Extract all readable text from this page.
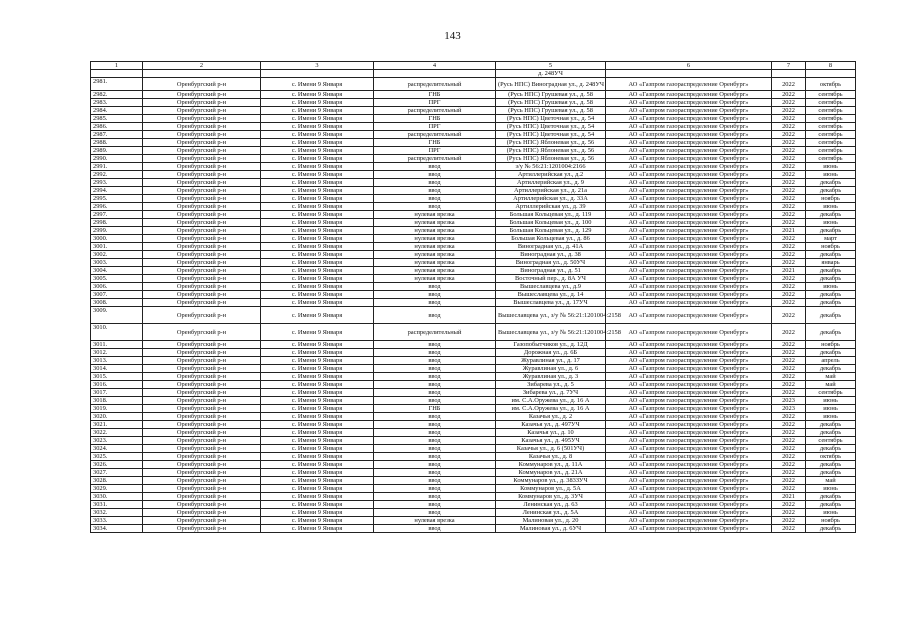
143
1	2	3	4	5	6	7	8
				д. 248УЧ			
2981.	Оренбургский р-н	с. Имени 9 Января	распределительный	(Русь НПС) Виноградная ул., д. 248УЧ	АО «Газпром газораспределение Оренбург»	2022	октябрь
2982.	Оренбургский р-н	с. Имени 9 Января	ГНБ	(Русь НПС) Грушевая ул., д. 58	АО «Газпром газораспределение Оренбург»	2022	сентябрь
2983.	Оренбургский р-н	с. Имени 9 Января	ПРГ	(Русь НПС) Грушевая ул., д. 58	АО «Газпром газораспределение Оренбург»	2022	сентябрь
2984.	Оренбургский р-н	с. Имени 9 Января	распределительный	(Русь НПС) Грушевая ул., д. 58	АО «Газпром газораспределение Оренбург»	2022	сентябрь
2985.	Оренбургский р-н	с. Имени 9 Января	ГНБ	(Русь НПС) Цветочная ул., д. 54	АО «Газпром газораспределение Оренбург»	2022	сентябрь
2986.	Оренбургский р-н	с. Имени 9 Января	ПРГ	(Русь НПС) Цветочная ул., д. 54	АО «Газпром газораспределение Оренбург»	2022	сентябрь
2987.	Оренбургский р-н	с. Имени 9 Января	распределительный	(Русь НПС) Цветочная ул., д. 54	АО «Газпром газораспределение Оренбург»	2022	сентябрь
2988.	Оренбургский р-н	с. Имени 9 Января	ГНБ	(Русь НПС) Яблоневая ул., д. 56	АО «Газпром газораспределение Оренбург»	2022	сентябрь
2989.	Оренбургский р-н	с. Имени 9 Января	ПРГ	(Русь НПС) Яблоневая ул., д. 56	АО «Газпром газораспределение Оренбург»	2022	сентябрь
2990.	Оренбургский р-н	с. Имени 9 Января	распределительный	(Русь НПС) Яблоневая ул., д. 56	АО «Газпром газораспределение Оренбург»	2022	сентябрь
2991.	Оренбургский р-н	с. Имени 9 Января	ввод	з/у № 56:21:1201004:2166	АО «Газпром газораспределение Оренбург»	2022	июнь
2992.	Оренбургский р-н	с. Имени 9 Января	ввод	Артиллерийская ул., д.2	АО «Газпром газораспределение Оренбург»	2022	июнь
2993.	Оренбургский р-н	с. Имени 9 Января	ввод	Артиллерийская ул., д. 9	АО «Газпром газораспределение Оренбург»	2022	декабрь
2994.	Оренбургский р-н	с. Имени 9 Января	ввод	Артиллерийская ул., д. 21а	АО «Газпром газораспределение Оренбург»	2022	декабрь
2995.	Оренбургский р-н	с. Имени 9 Января	ввод	Артиллерийская ул., д. 33А	АО «Газпром газораспределение Оренбург»	2022	ноябрь
2996.	Оренбургский р-н	с. Имени 9 Января	ввод	Артиллерийская ул., д. 39	АО «Газпром газораспределение Оренбург»	2022	июнь
2997.	Оренбургский р-н	с. Имени 9 Января	нулевая врезка	Большая Кольцевая ул., д. 119	АО «Газпром газораспределение Оренбург»	2022	декабрь
2998.	Оренбургский р-н	с. Имени 9 Января	нулевая врезка	Большая Кольцевая ул., д. 100	АО «Газпром газораспределение Оренбург»	2022	июнь
2999.	Оренбургский р-н	с. Имени 9 Января	нулевая врезка	Большая Кольцевая ул., д. 129	АО «Газпром газораспределение Оренбург»	2021	декабрь
3000.	Оренбургский р-н	с. Имени 9 Января	нулевая врезка	Большая Кольцевая ул., д. 86	АО «Газпром газораспределение Оренбург»	2022	март
3001.	Оренбургский р-н	с. Имени 9 Января	нулевая врезка	Виноградная ул., д. 41А	АО «Газпром газораспределение Оренбург»	2022	ноябрь
3002.	Оренбургский р-н	с. Имени 9 Января	нулевая врезка	Виноградная ул., д. 38	АО «Газпром газораспределение Оренбург»	2022	декабрь
3003.	Оренбургский р-н	с. Имени 9 Января	нулевая врезка	Виноградная ул., д. 50УЧ	АО «Газпром газораспределение Оренбург»	2022	январь
3004.	Оренбургский р-н	с. Имени 9 Января	нулевая врезка	Виноградная ул., д. 51	АО «Газпром газораспределение Оренбург»	2021	декабрь
3005.	Оренбургский р-н	с. Имени 9 Января	нулевая врезка	Восточный пер., д. 8А УЧ	АО «Газпром газораспределение Оренбург»	2022	декабрь
3006.	Оренбургский р-н	с. Имени 9 Января	ввод	Вышеславцева ул., д.9	АО «Газпром газораспределение Оренбург»	2022	июнь
3007.	Оренбургский р-н	с. Имени 9 Января	ввод	Вышеславцева ул., д. 14	АО «Газпром газораспределение Оренбург»	2022	декабрь
3008.	Оренбургский р-н	с. Имени 9 Января	ввод	Вышеславцева ул., д. 17УЧ	АО «Газпром газораспределение Оренбург»	2022	декабрь
3009.	Оренбургский р-н	с. Имени 9 Января	ввод	Вышеславцева ул., з/у № 56:21:1201004:2158	АО «Газпром газораспределение Оренбург»	2022	декабрь
3010.	Оренбургский р-н	с. Имени 9 Января	распределительный	Вышеславцева ул., з/у № 56:21:1201004:2158	АО «Газпром газораспределение Оренбург»	2022	декабрь
3011.	Оренбургский р-н	с. Имени 9 Января	ввод	Газопобытчиков ул., д. 12Д	АО «Газпром газораспределение Оренбург»	2022	ноябрь
3012.	Оренбургский р-н	с. Имени 9 Января	ввод	Дорожная ул., д. 6Б	АО «Газпром газораспределение Оренбург»	2022	декабрь
3013.	Оренбургский р-н	с. Имени 9 Января	ввод	Журавлиная ул., д. 17	АО «Газпром газораспределение Оренбург»	2022	апрель
3014.	Оренбургский р-н	с. Имени 9 Января	ввод	Журавлиная ул., д. 6	АО «Газпром газораспределение Оренбург»	2022	декабрь
3015.	Оренбургский р-н	с. Имени 9 Января	ввод	Журавлиная ул., д. 3	АО «Газпром газораспределение Оренбург»	2022	май
3016.	Оренбургский р-н	с. Имени 9 Января	ввод	Зибарева ул., д. 5	АО «Газпром газораспределение Оренбург»	2022	май
3017.	Оренбургский р-н	с. Имени 9 Января	ввод	Зибарева ул., д. 7УЧ	АО «Газпром газораспределение Оренбург»	2022	сентябрь
3018.	Оренбургский р-н	с. Имени 9 Января	ввод	им. С.А.Оружева ул., д. 16 А	АО «Газпром газораспределение Оренбург»	2023	июнь
3019.	Оренбургский р-н	с. Имени 9 Января	ГНБ	им. С.А.Оружева ул., д. 16 А	АО «Газпром газораспределение Оренбург»	2023	июнь
3020.	Оренбургский р-н	с. Имени 9 Января	ввод	Казачья ул., д. 2	АО «Газпром газораспределение Оренбург»	2022	июнь
3021.	Оренбургский р-н	с. Имени 9 Января	ввод	Казачья ул., д. 497УЧ	АО «Газпром газораспределение Оренбург»	2022	декабрь
3022.	Оренбургский р-н	с. Имени 9 Января	ввод	Казачья ул., д. 10	АО «Газпром газораспределение Оренбург»	2022	декабрь
3023.	Оренбургский р-н	с. Имени 9 Января	ввод	Казачья ул., д. 495УЧ	АО «Газпром газораспределение Оренбург»	2022	сентябрь
3024.	Оренбургский р-н	с. Имени 9 Января	ввод	Казачья ул., д. 6 (501УЧ)	АО «Газпром газораспределение Оренбург»	2022	декабрь
3025.	Оренбургский р-н	с. Имени 9 Января	ввод	Казачья ул., д. 8	АО «Газпром газораспределение Оренбург»	2022	октябрь
3026.	Оренбургский р-н	с. Имени 9 Января	ввод	Коммунаров ул., д. 11А	АО «Газпром газораспределение Оренбург»	2022	декабрь
3027.	Оренбургский р-н	с. Имени 9 Января	ввод	Коммунаров ул., д. 21А	АО «Газпром газораспределение Оренбург»	2022	декабрь
3028.	Оренбургский р-н	с. Имени 9 Января	ввод	Коммунаров ул., д. 383ЗУЧ	АО «Газпром газораспределение Оренбург»	2022	май
3029.	Оренбургский р-н	с. Имени 9 Января	ввод	Коммунаров ул., д. 5А	АО «Газпром газораспределение Оренбург»	2022	июнь
3030.	Оренбургский р-н	с. Имени 9 Января	ввод	Коммунаров ул., д. 3УЧ	АО «Газпром газораспределение Оренбург»	2021	декабрь
3031.	Оренбургский р-н	с. Имени 9 Января	ввод	Ленинская ул., д. 63	АО «Газпром газораспределение Оренбург»	2022	декабрь
3032.	Оренбургский р-н	с. Имени 9 Января	ввод	Ленинская ул., д. 5А	АО «Газпром газораспределение Оренбург»	2022	июнь
3033.	Оренбургский р-н	с. Имени 9 Января	нулевая врезка	Малиновая ул., д. 20	АО «Газпром газораспределение Оренбург»	2022	ноябрь
3034.	Оренбургский р-н	с. Имени 9 Января	ввод	Малиновая ул., д. 6УЧ	АО «Газпром газораспределение Оренбург»	2022	декабрь
